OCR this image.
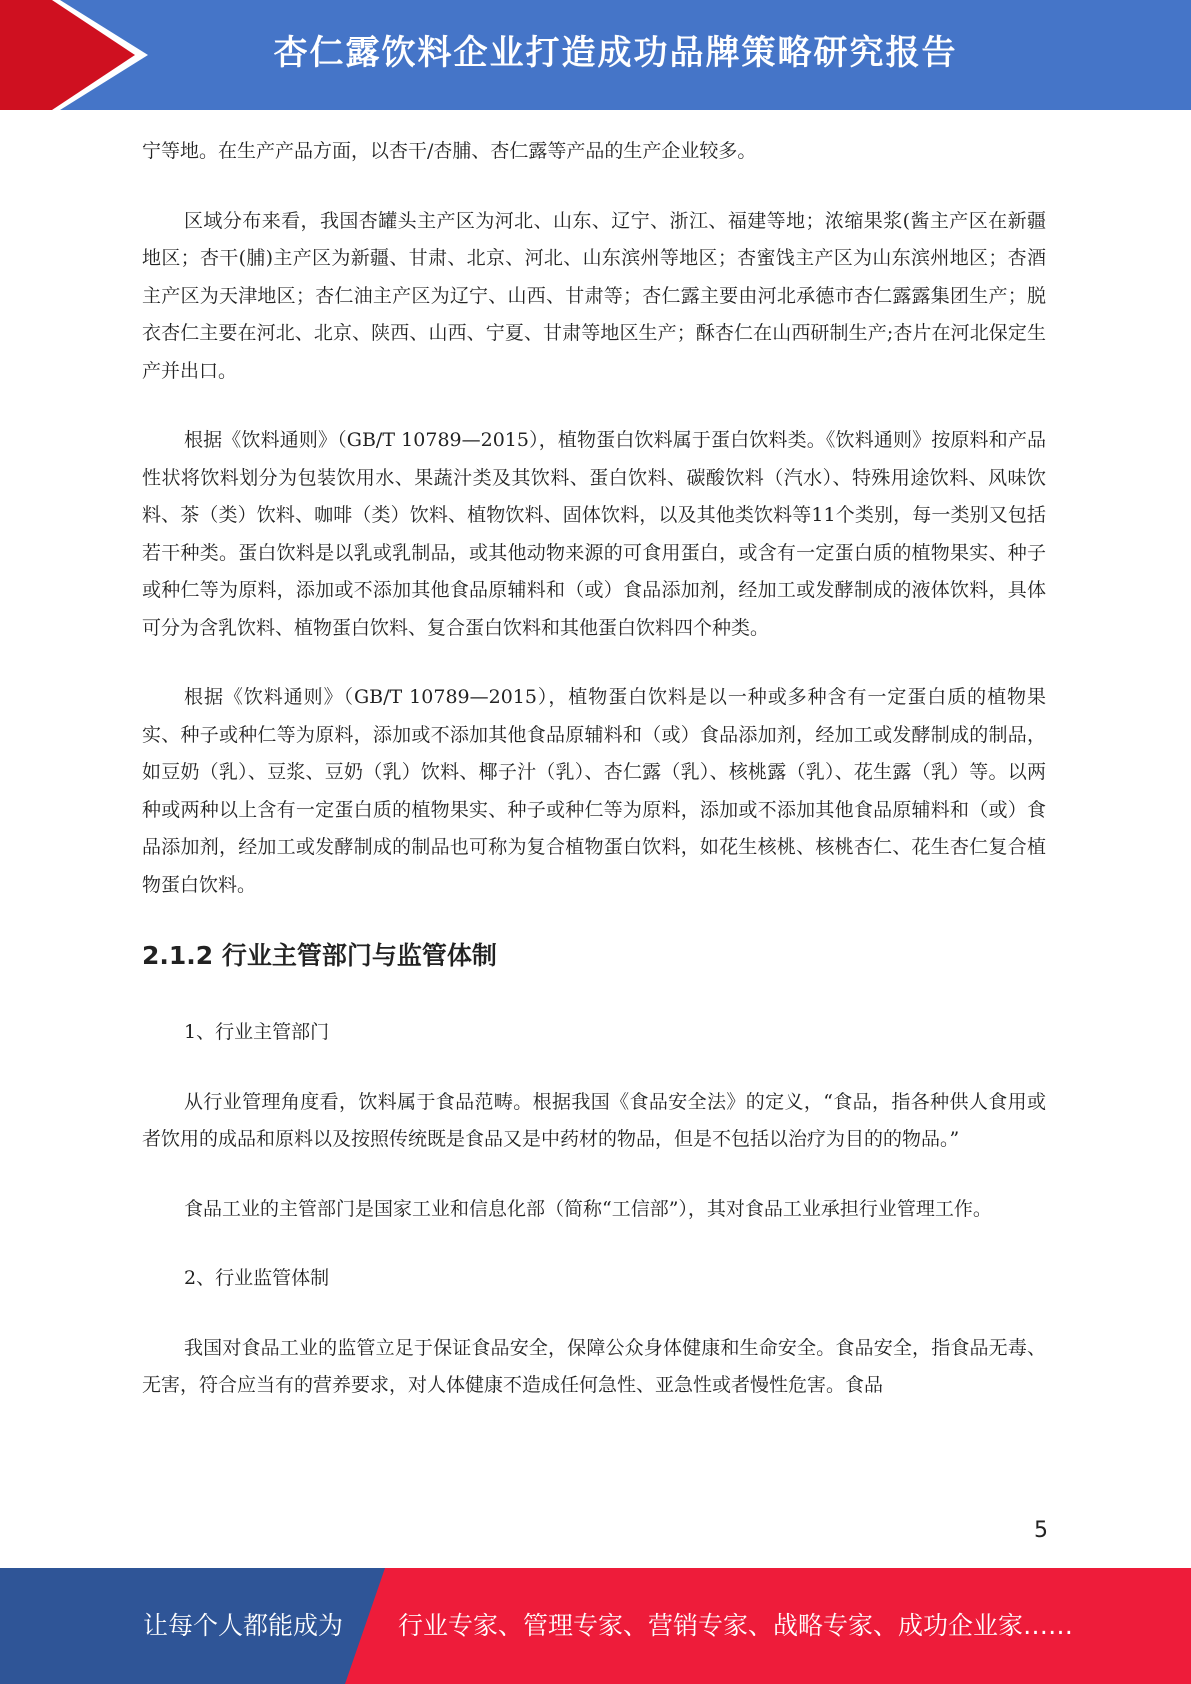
杏仁露饮料企业打造成功品牌策略研究报告

宁等地。在生产产品方面，以杏干/杏脯、杏仁露等产品的生产企业较多。

区域分布来看，我国杏罐头主产区为河北、山东、辽宁、浙江、福建等地；浓缩果浆(酱主产区在新疆地区；杏干(脯)主产区为新疆、甘肃、北京、河北、山东滨州等地区；杏蜜饯主产区为山东滨州地区；杏酒主产区为天津地区；杏仁油主产区为辽宁、山西、甘肃等；杏仁露主要由河北承德市杏仁露露集团生产；脱衣杏仁主要在河北、北京、陕西、山西、宁夏、甘肃等地区生产；酥杏仁在山西研制生产;杏片在河北保定生产并出口。

根据《饮料通则》（GB/T 10789—2015），植物蛋白饮料属于蛋白饮料类。《饮料通则》按原料和产品性状将饮料划分为包装饮用水、果蔬汁类及其饮料、蛋白饮料、碳酸饮料（汽水）、特殊用途饮料、风味饮料、茶（类）饮料、咖啡（类）饮料、植物饮料、固体饮料，以及其他类饮料等11个类别，每一类别又包括若干种类。蛋白饮料是以乳或乳制品，或其他动物来源的可食用蛋白，或含有一定蛋白质的植物果实、种子或种仁等为原料，添加或不添加其他食品原辅料和（或）食品添加剂，经加工或发酵制成的液体饮料，具体可分为含乳饮料、植物蛋白饮料、复合蛋白饮料和其他蛋白饮料四个种类。

根据《饮料通则》（GB/T 10789—2015），植物蛋白饮料是以一种或多种含有一定蛋白质的植物果实、种子或种仁等为原料，添加或不添加其他食品原辅料和（或）食品添加剂，经加工或发酵制成的制品，如豆奶（乳）、豆浆、豆奶（乳）饮料、椰子汁（乳）、杏仁露（乳）、核桃露（乳）、花生露（乳）等。以两种或两种以上含有一定蛋白质的植物果实、种子或种仁等为原料，添加或不添加其他食品原辅料和（或）食品添加剂，经加工或发酵制成的制品也可称为复合植物蛋白饮料，如花生核桃、核桃杏仁、花生杏仁复合植物蛋白饮料。

2.1.2 行业主管部门与监管体制

1、行业主管部门

从行业管理角度看，饮料属于食品范畴。根据我国《食品安全法》的定义，“食品，指各种供人食用或者饮用的成品和原料以及按照传统既是食品又是中药材的物品，但是不包括以治疗为目的的物品。”

食品工业的主管部门是国家工业和信息化部（简称“工信部”），其对食品工业承担行业管理工作。

2、行业监管体制

我国对食品工业的监管立足于保证食品安全，保障公众身体健康和生命安全。食品安全，指食品无毒、无害，符合应当有的营养要求，对人体健康不造成任何急性、亚急性或者慢性危害。食品

5
让每个人都能成为 行业专家、管理专家、营销专家、战略专家、成功企业家……
